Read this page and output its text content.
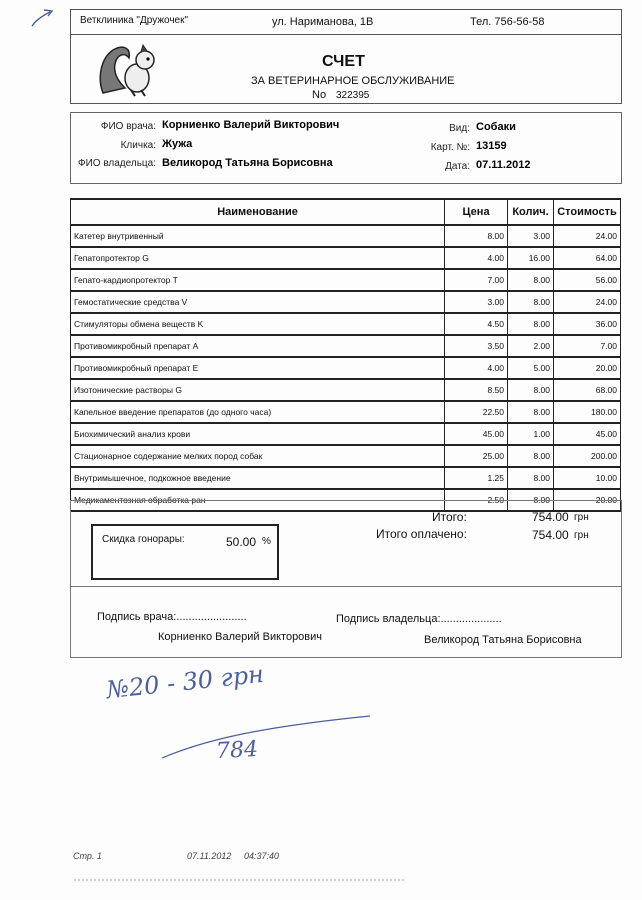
Ветклиника "Дружочек"	ул. Нариманова, 1В	Тел. 756-56-58
СЧЕТ
ЗА ВЕТЕРИНАРНОЕ ОБСЛУЖИВАНИЕ
No 322395
ФИО врача: Корниенко Валерий Викторович
Кличка: Жужа
ФИО владельца: Великород Татьяна Борисовна
Вид: Собаки
Карт. №: 13159
Дата: 07.11.2012
Наименование	Цена	Колич.	Стоимость
Катетер внутривенный	8.00	3.00	24.00
Гепатопротектор G	4.00	16.00	64.00
Гепато-кардиопротектор T	7.00	8.00	56.00
Гемостатические средства V	3.00	8.00	24.00
Стимуляторы обмена веществ K	4.50	8.00	36.00
Противомикробный препарат A	3.50	2.00	7.00
Противомикробный препарат E	4.00	5.00	20.00
Изотонические растворы G	8.50	8.00	68.00
Капельное введение препаратов (до одного часа)	22.50	8.00	180.00
Биохимический анализ крови	45.00	1.00	45.00
Стационарное содержание мелких пород собак	25.00	8.00	200.00
Внутримышечное, подкожное введение	1.25	8.00	10.00
Медикаментозная обработка ран	2.50	8.00	20.00
Итого:	754.00 грн
Итого оплачено:	754.00 грн
Скидка гонорары:	50.00 %
Подпись врача:.......................	Подпись владельца:....................
Корниенко Валерий Викторович	Великород Татьяна Борисовна
№20 - 30 грн
784
Стр. 1	07.11.2012 04:37:40
